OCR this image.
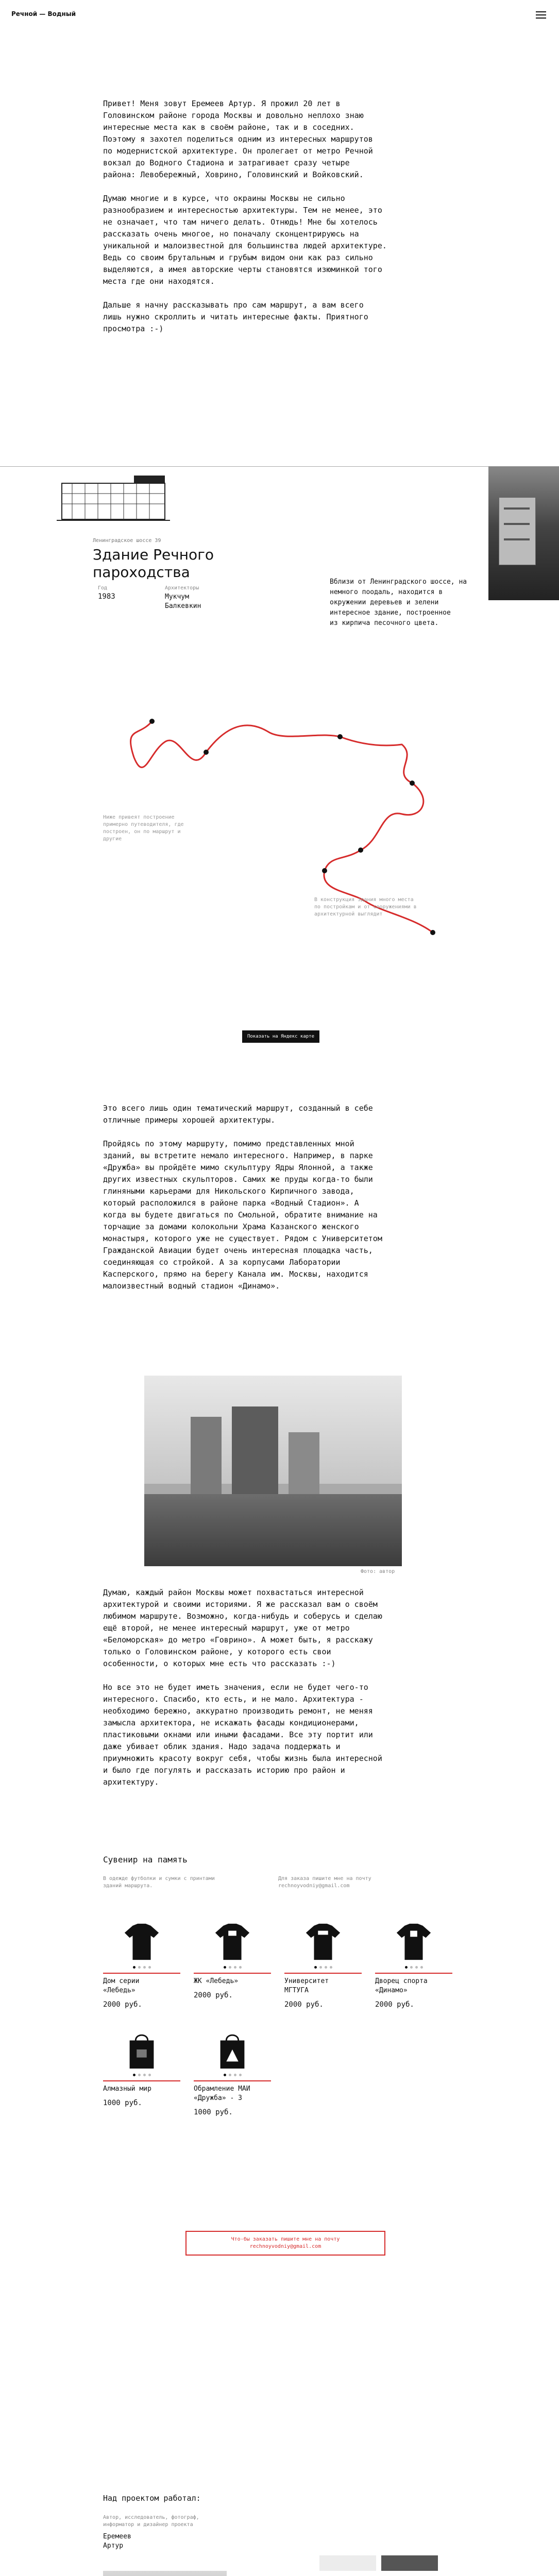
Речной — Водный

Привет! Меня зовут Еремеев Артур. Я прожил 20 лет в
Головинском районе города Москвы и довольно неплохо знаю
интересные места как в своём районе, так и в соседних.
Поэтому я захотел поделиться одним из интересных маршрутов
по модернистской архитектуре. Он пролегает от метро Речной
вокзал до Водного Стадиона и затрагивает сразу четыре
района: Левобережный, Ховрино, Головинский и Войковский.

Думаю многие и в курсе, что окраины Москвы не сильно
разнообразием и интересностью архитектуры. Тем не менее, это
не означает, что там ничего делать. Отнюдь! Мне бы хотелось
рассказать очень многое, но поначалу сконцентрируюсь на
уникальной и малоизвестной для большинства людей архитектуре.
Ведь со своим брутальным и грубым видом они как раз сильно
выделяются, а имея авторские черты становятся изюминкой того
места где они находятся.

Дальше я начну рассказывать про сам маршрут, а вам всего
лишь нужно скроллить и читать интересные факты. Приятного
просмотра :-)

Ленинградское шоссе 39
Здание Речного
пароходства
Год
1983
Архитекторы
Мукчум
Балкевкин
Вблизи от Ленинградского шоссе, на
немного поодаль, находится в
окружении деревьев и зелени
интересное здание, построенное
из кирпича песочного цвета.
Ниже привеят построение
примерно путеводителя, где
построен, он по маршрут и
другие
В конструкция здания много места
по постройкам и от сооружениями в
архитектурной выглядит
Показать на Яндекс карте

Это всего лишь один тематический маршрут, созданный в себе
отличные примеры хорошей архитектуры.

Пройдясь по этому маршруту, помимо представленных мной
зданий, вы встретите немало интересного. Например, в парке
«Дружба» вы пройдёте мимо скульптуру Ядры Ялонной, а также
других известных скульпторов. Самих же пруды когда-то были
глиняными карьерами для Никольского Кирпичного завода,
который расположился в районе парка «Водный Стадион». А
когда вы будете двигаться по Смольной, обратите внимание на
торчащие за домами колокольни Храма Казанского женского
монастыря, которого уже не существует. Рядом с Университетом
Гражданской Авиации будет очень интересная площадка часть,
соединяющая со стройкой. А за корпусами Лаборатории
Касперского, прямо на берегу Канала им. Москвы, находится
малоизвестный водный стадион «Динамо».

Фото: автор

Думаю, каждый район Москвы может похвастаться интересной
архитектурой и своими историями. Я же рассказал вам о своём
любимом маршруте. Возможно, когда-нибудь и соберусь и сделаю
ещё второй, не менее интересный маршрут, уже от метро
«Беломорская» до метро «Говрино». А может быть, я расскажу
только о Головинском районе, у которого есть свои
особенности, о которых мне есть что рассказать :-)

Но все это не будет иметь значения, если не будет чего-то
интересного. Спасибо, кто есть, и не мало. Архитектура -
необходимо бережно, аккуратно производить ремонт, не меняя
замысла архитектора, не искажать фасады кондиционерами,
пластиковыми окнами или иными фасадами. Все эту портит или
даже убивает облик здания. Надо задача поддержать и
приумножить красоту вокруг себя, чтобы жизнь была интересной
и было где погулять и рассказать историю про район и
архитектуру.

Сувенир на память
В одежде футболки и сумки с принтами
зданий маршрута.
Для заказа пишите мне на почту
rechnoyvodniy@gmail.com
Дом серии
«Лебедь»
2000 руб.
ЖК «Лебедь»
2000 руб.
Университет
МГТУГА
2000 руб.
Дворец спорта
«Динамо»
2000 руб.
Алмазный мир
1000 руб.
Обрамление МАИ
«Дружба» - 3
1000 руб.
Что-бы заказать пишите мне на почту
rechnoyvodniy@gmail.com
Над проектом работал:
Автор, исследователь, фотограф,
информатор и дизайнер проекта
Еремеев
Артур
